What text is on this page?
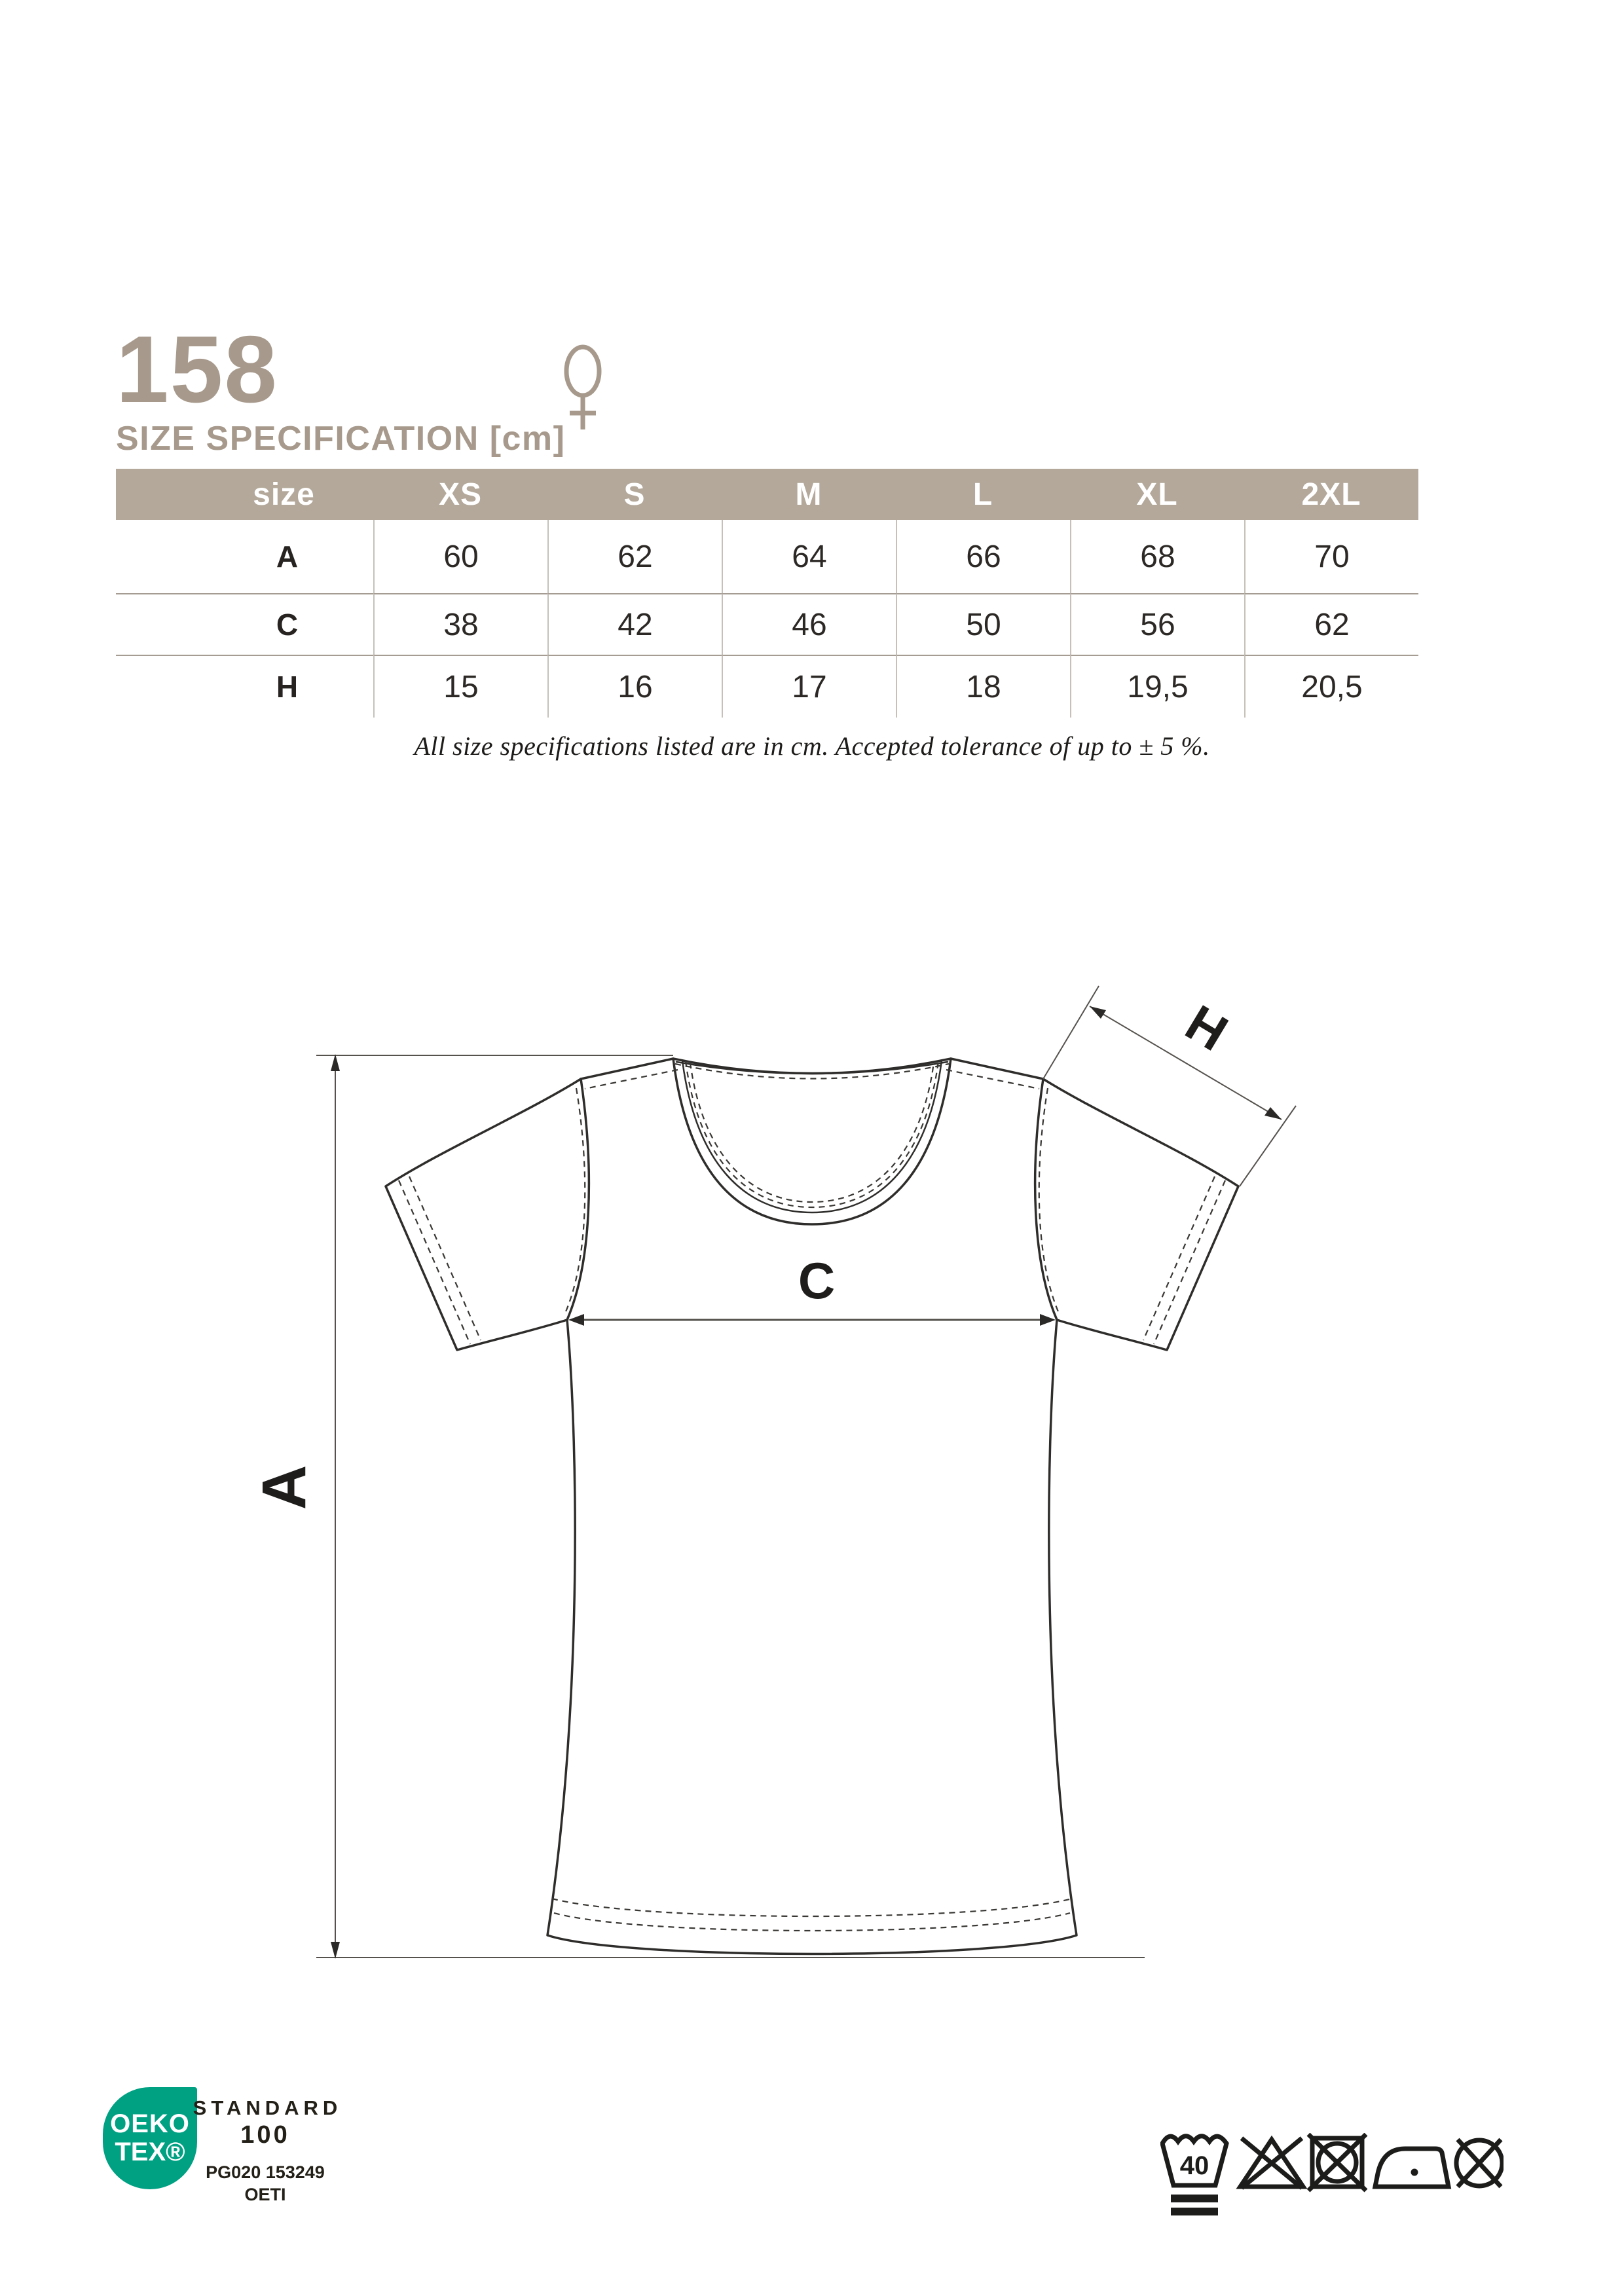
158
SIZE SPECIFICATION [cm]
size	XS	S	M	L	XL	2XL
A	60	62	64	66	68	70
C	38	42	46	50	56	62
H	15	16	17	18	19,5	20,5
All size specifications listed are in cm. Accepted tolerance of up to ± 5 %.
A
C
H
OEKO
TEX®
STANDARD
100
PG020 153249
OETI
40
